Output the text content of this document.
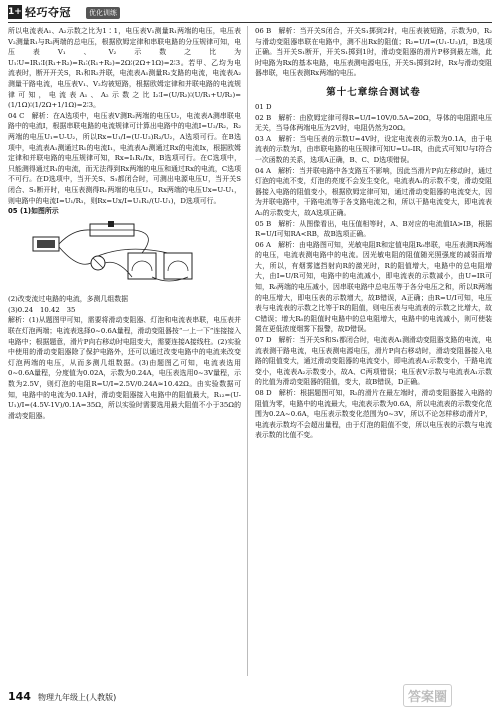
1+1
轻巧夺冠	优化训练

所以电流表A₁、A₂示数之比为1∶1，电压表V₁测量R₁两端的电压，电压表V₂测量R₁与R₂两端的总电压，根据欧姆定律和串联电路的分压规律可知，电压表V₁、V₂示数之比为U₁∶U=IR₁∶I(R₁+R₂)=R₁∶(R₁+R₂)=2Ω∶(2Ω+1Ω)=2∶3。若甲、乙均为电流表时，断开开关S，R₁和R₂并联，电流表A₁测量R₂支路的电流，电流表A₂测量干路电流，电压表V₁、V₂均被短路，根据欧姆定律和并联电路的电流规律可知，电流表A₁、A₂示数之比I₂∶I=(U/R₂)∶(U/R₁+U/R₂)=(1/1Ω)∶(1/2Ω+1/1Ω)=2∶3。

04 C　解析：在A选项中，电压表V测R₂两端的电压U₂，电流表A测串联电路中的电流I，根据串联电路的电流规律可计算出电路中的电流I=U₂/R₂，R₂两端的电压U₁=U-U₂，所以Rx=U₁/I=(U-U₂)R₂/U₂，A选项可行。在B选项中，电流表A₁测通过R₁的电流I₁，电流表A₂测通过Rx的电流Ix，根据欧姆定律和并联电路的电压规律可知，Rx=I₁R₁/Ix，B选项可行。在C选项中，只能测得通过R₁的电流，而无法得到Rx两端的电压和通过Rx的电流，C选项不可行。在D选项中，当开关S、S₁都闭合时，可测出电源电压U，当开关S闭合、S₁断开时，电压表测得R₁两端的电压U₁，Rx两端的电压Ux=U-U₁，则电路中的电流I=U₁/R₁，则Rx=Ux/I=U₁R₁/(U-U₁)，D选项可行。

05 (1)如图所示

(2)改变流过电路的电流，多测几组数据

(3)0.24　10.42　35

解析：(1)从题图甲可知，需要将滑动变阻器、灯泡和电流表串联，电压表并联在灯泡两端；电流表选择0~0.6A量程，滑动变阻器按“一上一下”连接接入电路中；根据题意，滑片P向右移动时电阻变大，需要连接A接线柱。(2)实验中使用的滑动变阻器除了保护电路外，还可以通过改变电路中的电流来改变灯泡两端的电压，从而多测几组数据。(3)由题图乙可知，电流表选用0~0.6A量程，分度值为0.02A，示数为0.24A，电压表选用0~3V量程，示数为2.5V，则灯泡的电阻R=U/I=2.5V/0.24A≈10.42Ω。由实验数据可知，电路中的电流为0.1A时，滑动变阻器接入电路中的阻值最大，R₁₂=(U-U₁)/I=(4.5V-1V)/0.1A=35Ω，所以实验时需要选用最大阻值不小于35Ω的滑动变阻器。

06 B　解析：当开关S闭合，开关S₁掷到2时，电压表被短路，示数为0，R₂与滑动变阻器串联在电路中，测不出Rx的阻值；R₂=U/I=(U₁-U₂)/I，B选项正确。当开关S₁断开，开关S₁掷到1时，滑动变阻器的滑片P移到最左端，此时电路为Rx的基本电路，电压表测电源电压，开关S₁掷到2时，Rx与滑动变阻器串联，电压表测Rx两端的电压。

第十七章综合测试卷

01 D

02 B　解析：由欧姆定律可得R=U/I=10V/0.5A=20Ω，导体的电阻跟电压无关，当导体两端电压为2V时，电阻仍然为20Ω。

03 A　解析：当电压表的示数U=4V时，设定电流表的示数为0.1A，由于电流表的示数为I，由串联电路的电压规律可知U=U₀-IR，由此式可知U与I符合一次函数的关系，选项A正确，B、C、D选项错误。

04 A　解析：当并联电路中各支路互不影响，因此当滑片P向左移动时，通过灯泡的电流不变，灯泡的亮度不会发生变化，电流表A₁的示数不变，滑动变阻器接入电路的阻值变小，根据欧姆定律可知，通过滑动变阻器的电流变大，因为并联电路中，干路电流等于各支路电流之和，所以干路电流变大，即电流表A₂的示数变大，故A选项正确。

05 B　解析：从图像看出，电压值相等时，A、B对应的电流值IA>IB，根据R=U/I可知RA<RB，故B选项正确。

06 A　解析：由电路图可知，光敏电阻R和定值电阻R₀串联，电压表测R两端的电压，电流表测电路中的电流。因光敏电阻的阻值随光照强度的减弱而增大，所以，有烟雾遮挡射向R的激光时，R的阻值增大，电路中的总电阻增大，由I=U/R可知，电路中的电流减小，即电流表的示数减小，由U=IR可知，R₀两端的电压减小，因串联电路中总电压等于各分电压之和，所以R两端的电压增大，即电压表的示数增大，故B错误，A正确；由R=U/I可知，电压表与电流表的示数之比等于R的阻值，则电压表与电流表的示数之比增大，故C错误；增大R₀的阻值时电路中的总电阻增大，电路中的电流减小，则可使装置在更低浓度烟雾下报警，故D错误。

07 D　解析：当开关S和S₁都闭合时，电流表A₁测滑动变阻器支路的电流，电流表测干路电流，电压表测电源电压，滑片P向右移动时，滑动变阻器接入电路的阻值变大，通过滑动变阻器的电流变小，即电流表A₁示数变小，干路电流变小，电流表A₂示数变小，故A、C两项错误；电压表V示数与电流表A₁示数的比值为滑动变阻器的阻值，变大，故B错误，D正确。

08 D　解析：根据题图可知，R₂的滑片在最左端时，滑动变阻器接入电路的阻值为零，电路中的电流最大，电流表示数为0.6A，所以电流表的示数变化范围为0.2A~0.6A，电压表示数变化范围为0~3V，所以不论怎样移动滑片P，电流表示数均不会超出量程，由于灯泡的阻值不变，所以电压表的示数与电流表示数的比值不变。

144 物理九年级上(人教版)	答案圈
